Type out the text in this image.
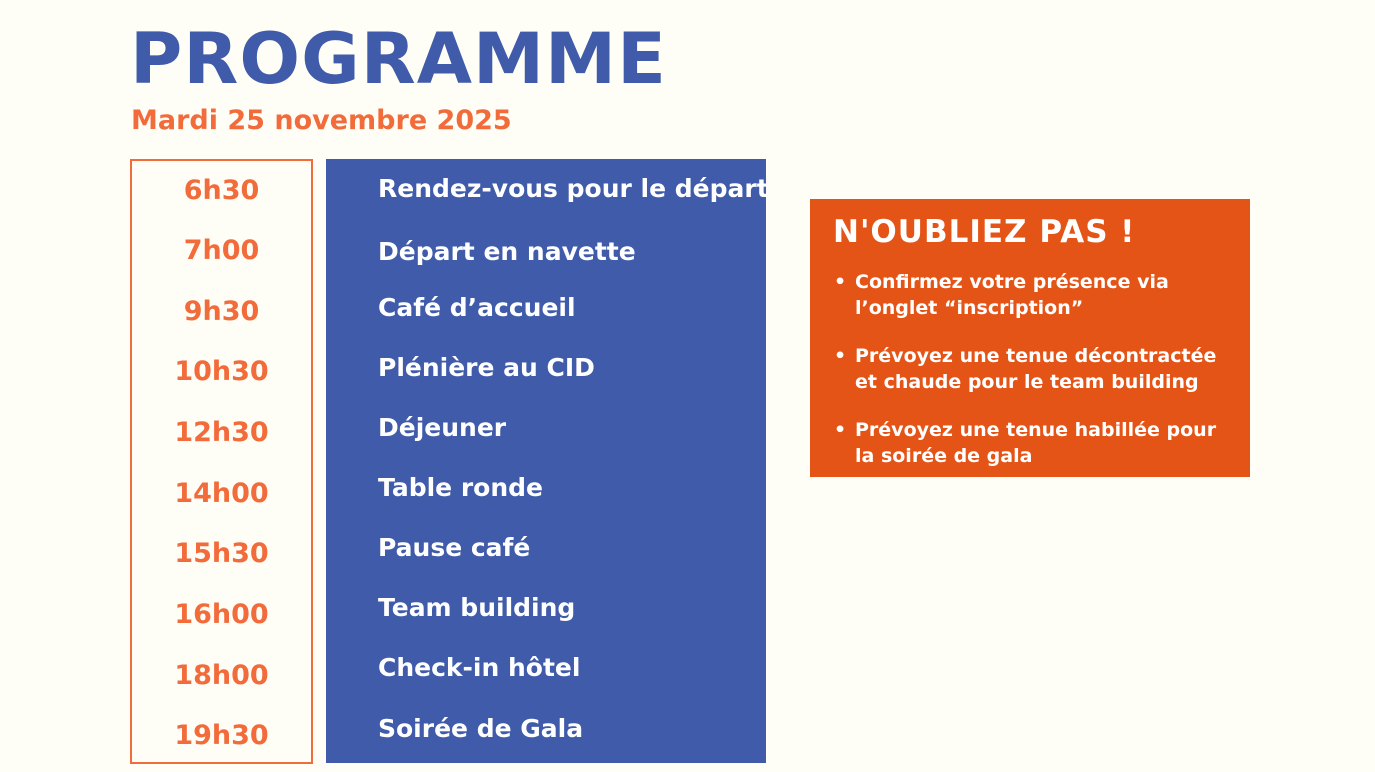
PROGRAMME
Mardi 25 novembre 2025
6h30
7h00
9h30
10h30
12h30
14h00
15h30
16h00
18h00
19h30
Rendez-vous pour le départ
Départ en navette
Café d’accueil
Plénière au CID
Déjeuner
Table ronde
Pause café
Team building
Check-in hôtel
Soirée de Gala
N'OUBLIEZ PAS !
• Confirmez votre présence via l’onglet “inscription”
• Prévoyez une tenue décontractée et chaude pour le team building
• Prévoyez une tenue habillée pour la soirée de gala
